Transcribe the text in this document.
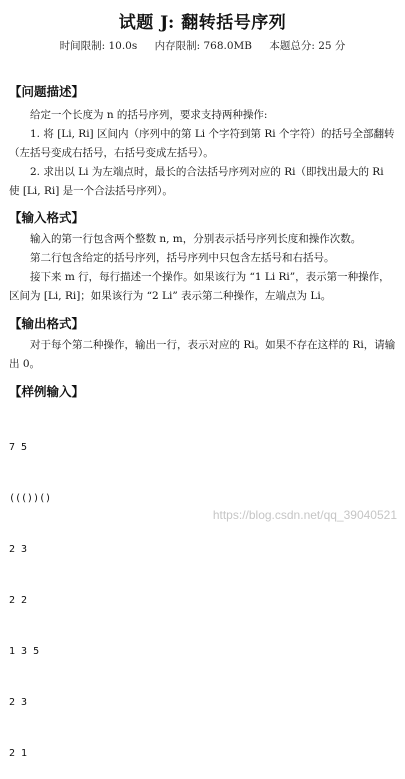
试题 J: 翻转括号序列
时间限制: 10.0s 内存限制: 768.0MB 本题总分: 25 分
【问题描述】
给定一个长度为 n 的括号序列，要求支持两种操作:
1. 将 [Li, Ri] 区间内（序列中的第 Li 个字符到第 Ri 个字符）的括号全部翻转（左括号变成右括号，右括号变成左括号）。
2. 求出以 Li 为左端点时，最长的合法括号序列对应的 Ri（即找出最大的 Ri 使 [Li, Ri] 是一个合法括号序列）。
【输入格式】
输入的第一行包含两个整数 n, m，分别表示括号序列长度和操作次数。
第二行包含给定的括号序列，括号序列中只包含左括号和右括号。
接下来 m 行，每行描述一个操作。如果该行为 “1 Li Ri”，表示第一种操作，区间为 [Li, Ri]；如果该行为 “2 Li” 表示第二种操作，左端点为 Li。
【输出格式】
对于每个第二种操作，输出一行，表示对应的 Ri。如果不存在这样的 Ri，请输出 0。
【样例输入】

7 5

((())()

2 3

2 2

1 3 5

2 3

2 1

https://blog.csdn.net/qq_39040521
